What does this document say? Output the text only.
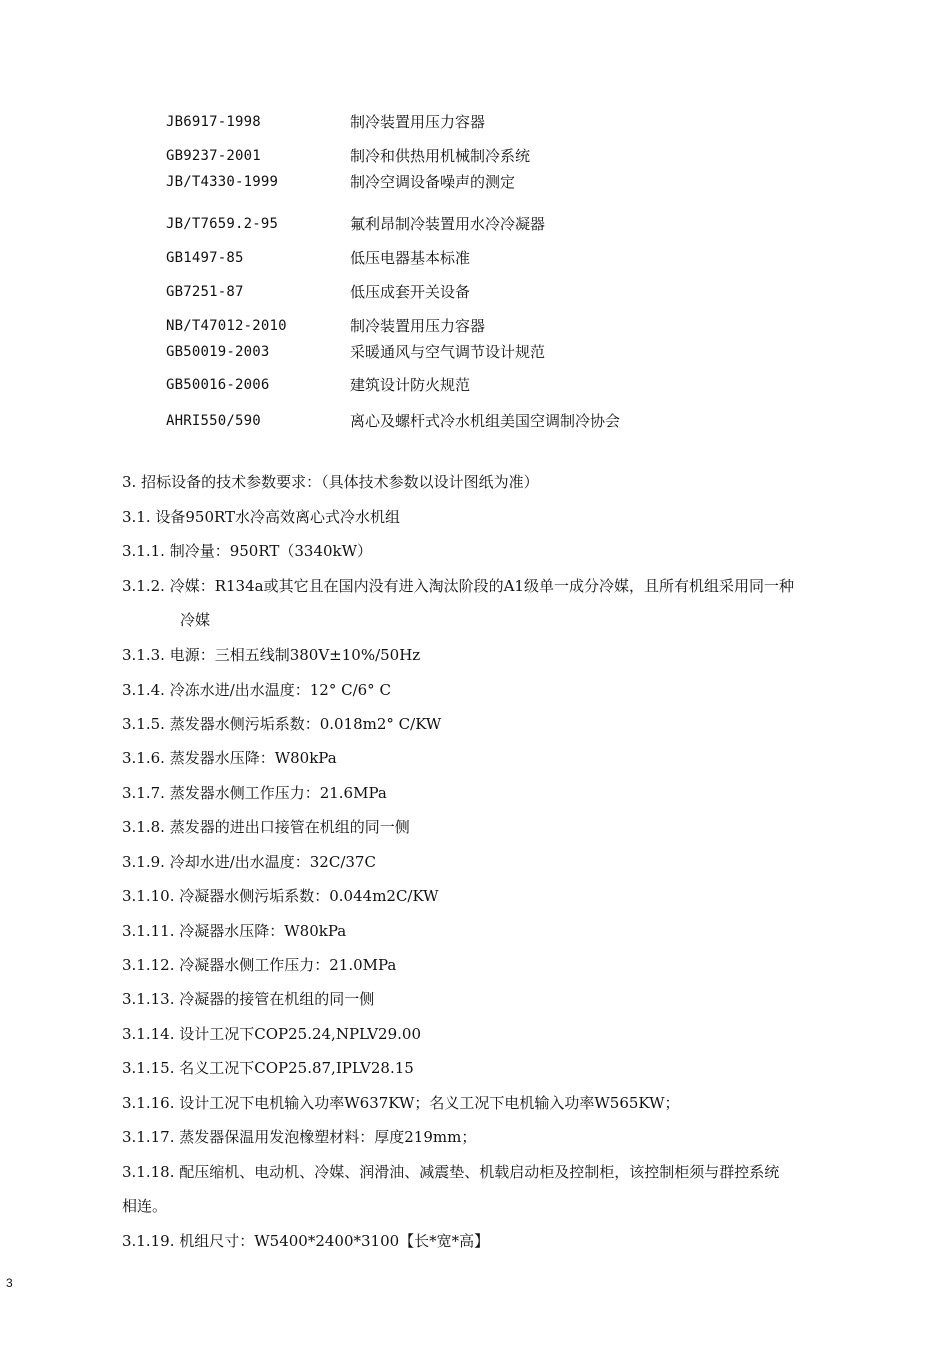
JB6917-1998	制冷装置用压力容器
GB9237-2001	制冷和供热用机械制冷系统
JB/T4330-1999	制冷空调设备噪声的测定
JB/T7659.2-95	氟利昂制冷装置用水冷冷凝器
GB1497-85	低压电器基本标准
GB7251-87	低压成套开关设备
NB/T47012-2010	制冷装置用压力容器
GB50019-2003	采暖通风与空气调节设计规范
GB50016-2006	建筑设计防火规范
AHRI550/590	离心及螺杆式冷水机组美国空调制冷协会
3. 招标设备的技术参数要求：（具体技术参数以设计图纸为准）
3.1. 设备950RT水冷高效离心式冷水机组
3.1.1. 制冷量：950RT（3340kW）
3.1.2. 冷媒：R134a或其它且在国内没有进入淘汰阶段的A1级单一成分冷媒，且所有机组采用同一种
冷媒
3.1.3. 电源：三相五线制380V±10%/50Hz
3.1.4. 冷冻水进/出水温度：12° C/6° C
3.1.5. 蒸发器水侧污垢系数：0.018m2° C/KW
3.1.6. 蒸发器水压降：W80kPa
3.1.7. 蒸发器水侧工作压力：21.6MPa
3.1.8. 蒸发器的进出口接管在机组的同一侧
3.1.9. 冷却水进/出水温度：32C/37C
3.1.10. 冷凝器水侧污垢系数：0.044m2C/KW
3.1.11. 冷凝器水压降：W80kPa
3.1.12. 冷凝器水侧工作压力：21.0MPa
3.1.13. 冷凝器的接管在机组的同一侧
3.1.14. 设计工况下COP25.24,NPLV29.00
3.1.15. 名义工况下COP25.87,IPLV28.15
3.1.16. 设计工况下电机输入功率W637KW；名义工况下电机输入功率W565KW；
3.1.17. 蒸发器保温用发泡橡塑材料：厚度219mm；
3.1.18. 配压缩机、电动机、冷媒、润滑油、减震垫、机载启动柜及控制柜，该控制柜须与群控系统
相连。
3.1.19. 机组尺寸：W5400*2400*3100【长*宽*高】
3
